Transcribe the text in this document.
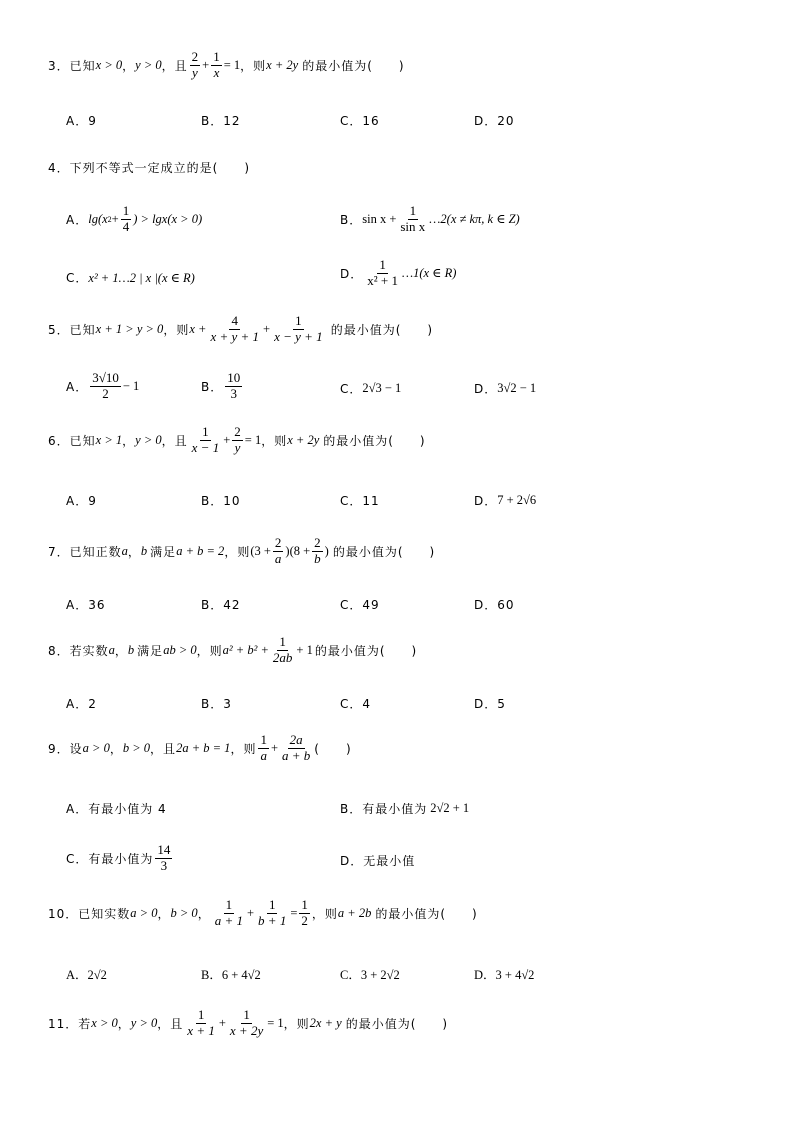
3． 已知 x > 0 ， y > 0 ，且 $\frac{2}{y} + \frac{1}{x} = 1$ ，则 x + 2y 的最小值为(　　)
A．9	B．12	C．16	D．20
4．下列不等式一定成立的是(　　)
A． lg(x $2 + \frac{1}{4}$ ) > lgx(x > 0)	B． $\sin x + \frac{1}{\text{sin x}}$ …2(x ≠ kπ, k ∈ Z)
C． x² + 1…2 | x |(x ∈ R)	D． $\frac{1}{\text{x² + 1}}$ …1(x ∈ R)
5． 已知 x + 1 > y > 0 ，则 $x + \frac{4}{x + y + 1} + \frac{1}{x - y + 1}$ 的最小值为(　　)
A． $\frac{3√10}{2} - 1$	B． $\frac{10}{3}$	C． 2√3 − 1	D． 3√2 − 1
6． 已知 x > 1 ， y > 0 ，且 $\frac{1}{x - 1} + \frac{2}{y} = 1$ ，则 x + 2y 的最小值为(　　)
A．9	B．10	C．11	D． 7 + 2√6
7． 已知正数 a ， b 满足 a + b = 2 ，则 $(3 + \frac{2}{a} )(8 + \frac{2}{b}$ ) 的最小值为(　　)
A．36	B．42	C．49	D．60
8． 若实数 a ， b 满足 ab > 0 ，则 $a^2 + b^2 + \frac{1}{2ab} + 1$ 的最小值为(　　)
A．2	B．3	C．4	D．5
9． 设 a > 0 ， b > 0 ，且 2a + b = 1 ，则 $\frac{1}{a} + \frac{2a}{a + b}$ (　　)
A．有最小值为 4	B．有最小值为 2√2 + 1
C．有最小值为 $\frac{14}{3}$	D．无最小值
10． 已知实数 a > 0 ， b > 0 ， $\frac{1}{a + 1} + \frac{1}{b + 1} = \frac{1}{2}$ ，则 a + 2b 的最小值为(　　)
A．2√2	B．6 + 4√2	C．3 + 2√2	D．3 + 4√2
11． 若 x > 0 ， y > 0 ，且 $\frac{1}{x + 1} + \frac{1}{x + 2y} = 1$ ，则 2x + y 的最小值为(　　)
